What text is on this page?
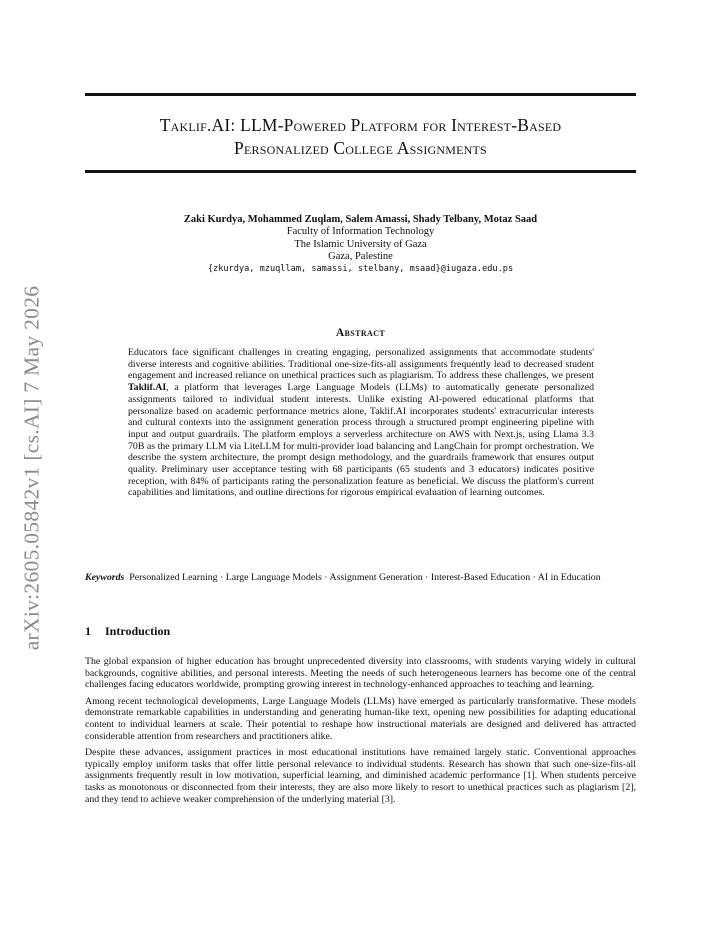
arXiv:2605.05842v1 [cs.AI] 7 May 2026
Taklif.AI: LLM-Powered Platform for Interest-Based
Personalized College Assignments
Zaki Kurdya, Mohammed Zuqlam, Salem Amassi, Shady Telbany, Motaz Saad
Faculty of Information Technology
The Islamic University of Gaza
Gaza, Palestine
{zkurdya, mzuqllam, samassi, stelbany, msaad}@iugaza.edu.ps
Abstract
Educators face significant challenges in creating engaging, personalized assignments that accommodate students' diverse interests and cognitive abilities. Traditional one-size-fits-all assignments frequently lead to decreased student engagement and increased reliance on unethical practices such as plagiarism. To address these challenges, we present Taklif.AI, a platform that leverages Large Language Models (LLMs) to automatically generate personalized assignments tailored to individual student interests. Unlike existing AI-powered educational platforms that personalize based on academic performance metrics alone, Taklif.AI incorporates students' extracurricular interests and cultural contexts into the assignment generation process through a structured prompt engineering pipeline with input and output guardrails. The platform employs a serverless architecture on AWS with Next.js, using Llama 3.3 70B as the primary LLM via LiteLLM for multi-provider load balancing and LangChain for prompt orchestration. We describe the system architecture, the prompt design methodology, and the guardrails framework that ensures output quality. Preliminary user acceptance testing with 68 participants (65 students and 3 educators) indicates positive reception, with 84% of participants rating the personalization feature as beneficial. We discuss the platform's current capabilities and limitations, and outline directions for rigorous empirical evaluation of learning outcomes.
Keywords Personalized Learning · Large Language Models · Assignment Generation · Interest-Based Education · AI in Education
1 Introduction

The global expansion of higher education has brought unprecedented diversity into classrooms, with students varying widely in cultural backgrounds, cognitive abilities, and personal interests. Meeting the needs of such heterogeneous learners has become one of the central challenges facing educators worldwide, prompting growing interest in technology-enhanced approaches to teaching and learning.

Among recent technological developments, Large Language Models (LLMs) have emerged as particularly transformative. These models demonstrate remarkable capabilities in understanding and generating human-like text, opening new possibilities for adapting educational content to individual learners at scale. Their potential to reshape how instructional materials are designed and delivered has attracted considerable attention from researchers and practitioners alike.

Despite these advances, assignment practices in most educational institutions have remained largely static. Conventional approaches typically employ uniform tasks that offer little personal relevance to individual students. Research has shown that such one-size-fits-all assignments frequently result in low motivation, superficial learning, and diminished academic performance [1]. When students perceive tasks as monotonous or disconnected from their interests, they are also more likely to resort to unethical practices such as plagiarism [2], and they tend to achieve weaker comprehension of the underlying material [3].
